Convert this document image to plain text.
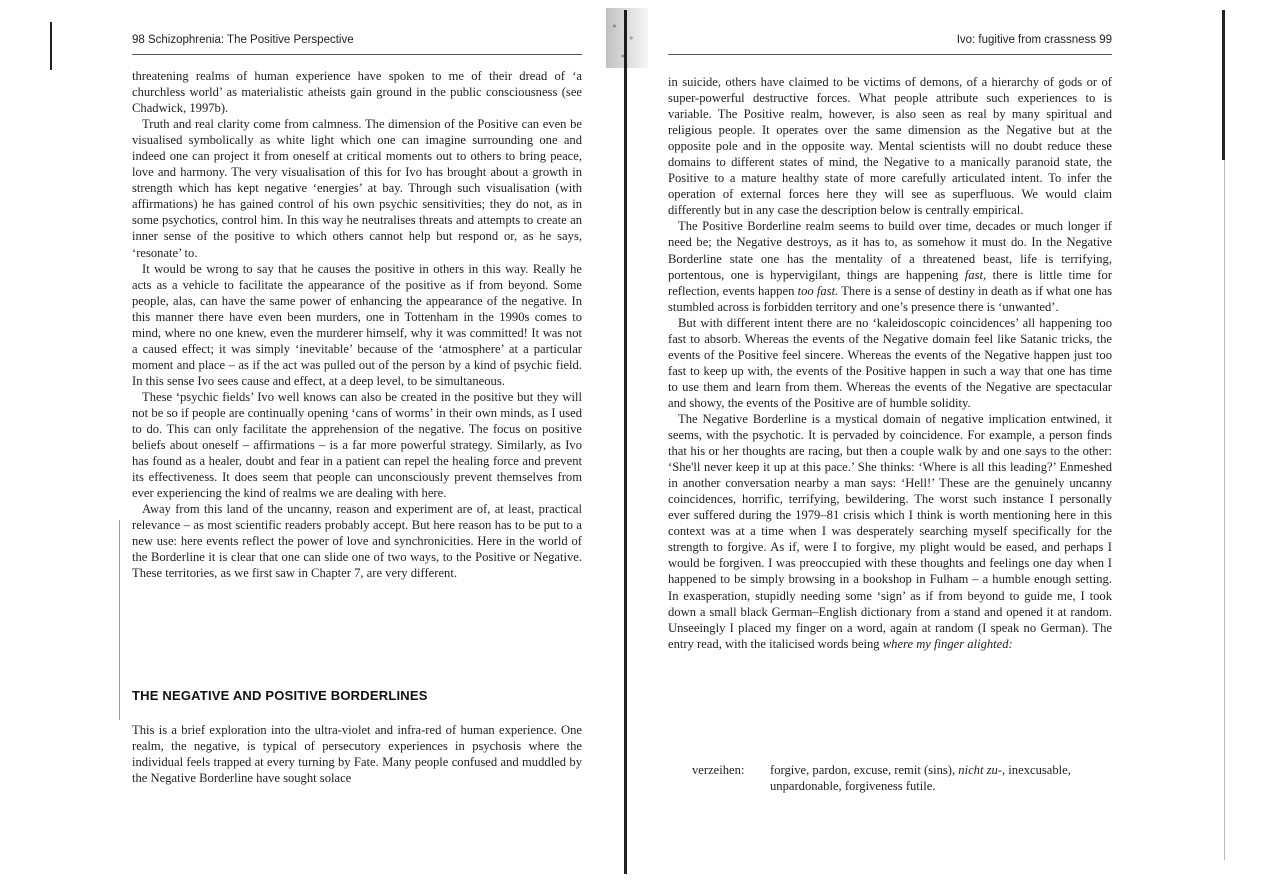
98 Schizophrenia: The Positive Perspective

threatening realms of human experience have spoken to me of their dread of ‘a churchless world’ as materialistic atheists gain ground in the public consciousness (see Chadwick, 1997b).

Truth and real clarity come from calmness. The dimension of the Positive can even be visualised symbolically as white light which one can imagine surrounding one and indeed one can project it from oneself at critical moments out to others to bring peace, love and harmony. The very visualisation of this for Ivo has brought about a growth in strength which has kept negative ‘energies’ at bay. Through such visualisation (with affirmations) he has gained control of his own psychic sensitivities; they do not, as in some psychotics, control him. In this way he neutralises threats and attempts to create an inner sense of the positive to which others cannot help but respond or, as he says, ‘resonate’ to.

It would be wrong to say that he causes the positive in others in this way. Really he acts as a vehicle to facilitate the appearance of the positive as if from beyond. Some people, alas, can have the same power of enhancing the appearance of the negative. In this manner there have even been murders, one in Tottenham in the 1990s comes to mind, where no one knew, even the murderer himself, why it was committed! It was not a caused effect; it was simply ‘inevitable’ because of the ‘atmosphere’ at a particular moment and place – as if the act was pulled out of the person by a kind of psychic field. In this sense Ivo sees cause and effect, at a deep level, to be simultaneous.

These ‘psychic fields’ Ivo well knows can also be created in the positive but they will not be so if people are continually opening ‘cans of worms’ in their own minds, as I used to do. This can only facilitate the apprehension of the negative. The focus on positive beliefs about oneself – affirmations – is a far more powerful strategy. Similarly, as Ivo has found as a healer, doubt and fear in a patient can repel the healing force and prevent its effectiveness. It does seem that people can unconsciously prevent themselves from ever experiencing the kind of realms we are dealing with here.

Away from this land of the uncanny, reason and experiment are of, at least, practical relevance – as most scientific readers probably accept. But here reason has to be put to a new use: here events reflect the power of love and synchronicities. Here in the world of the Borderline it is clear that one can slide one of two ways, to the Positive or Negative. These territories, as we first saw in Chapter 7, are very different.

THE NEGATIVE AND POSITIVE BORDERLINES

This is a brief exploration into the ultra-violet and infra-red of human experience. One realm, the negative, is typical of persecutory experiences in psychosis where the individual feels trapped at every turning by Fate. Many people confused and muddled by the Negative Borderline have sought solace

Ivo: fugitive from crassness 99

in suicide, others have claimed to be victims of demons, of a hierarchy of gods or of super-powerful destructive forces. What people attribute such experiences to is variable. The Positive realm, however, is also seen as real by many spiritual and religious people. It operates over the same dimension as the Negative but at the opposite pole and in the opposite way. Mental scientists will no doubt reduce these domains to different states of mind, the Negative to a manically paranoid state, the Positive to a mature healthy state of more carefully articulated intent. To infer the operation of external forces here they will see as superfluous. We would claim differently but in any case the description below is centrally empirical.

The Positive Borderline realm seems to build over time, decades or much longer if need be; the Negative destroys, as it has to, as somehow it must do. In the Negative Borderline state one has the mentality of a threatened beast, life is terrifying, portentous, one is hypervigilant, things are happening fast, there is little time for reflection, events happen too fast. There is a sense of destiny in death as if what one has stumbled across is forbidden territory and one’s presence there is ‘unwanted’.

But with different intent there are no ‘kaleidoscopic coincidences’ all happening too fast to absorb. Whereas the events of the Negative domain feel like Satanic tricks, the events of the Positive feel sincere. Whereas the events of the Negative happen just too fast to keep up with, the events of the Positive happen in such a way that one has time to use them and learn from them. Whereas the events of the Negative are spectacular and showy, the events of the Positive are of humble solidity.

The Negative Borderline is a mystical domain of negative implication entwined, it seems, with the psychotic. It is pervaded by coincidence. For example, a person finds that his or her thoughts are racing, but then a couple walk by and one says to the other: ‘She'll never keep it up at this pace.’ She thinks: ‘Where is all this leading?’ Enmeshed in another conversation nearby a man says: ‘Hell!’ These are the genuinely uncanny coincidences, horrific, terrifying, bewildering. The worst such instance I personally ever suffered during the 1979–81 crisis which I think is worth mentioning here in this context was at a time when I was desperately searching myself specifically for the strength to forgive. As if, were I to forgive, my plight would be eased, and perhaps I would be forgiven. I was preoccupied with these thoughts and feelings one day when I happened to be simply browsing in a bookshop in Fulham – a humble enough setting. In exasperation, stupidly needing some ‘sign’ as if from beyond to guide me, I took down a small black German–English dictionary from a stand and opened it at random. Unseeingly I placed my finger on a word, again at random (I speak no German). The entry read, with the italicised words being where my finger alighted:

verzeihen:	forgive, pardon, excuse, remit (sins), nicht zu-, inexcusable, unpardonable, forgiveness futile.
